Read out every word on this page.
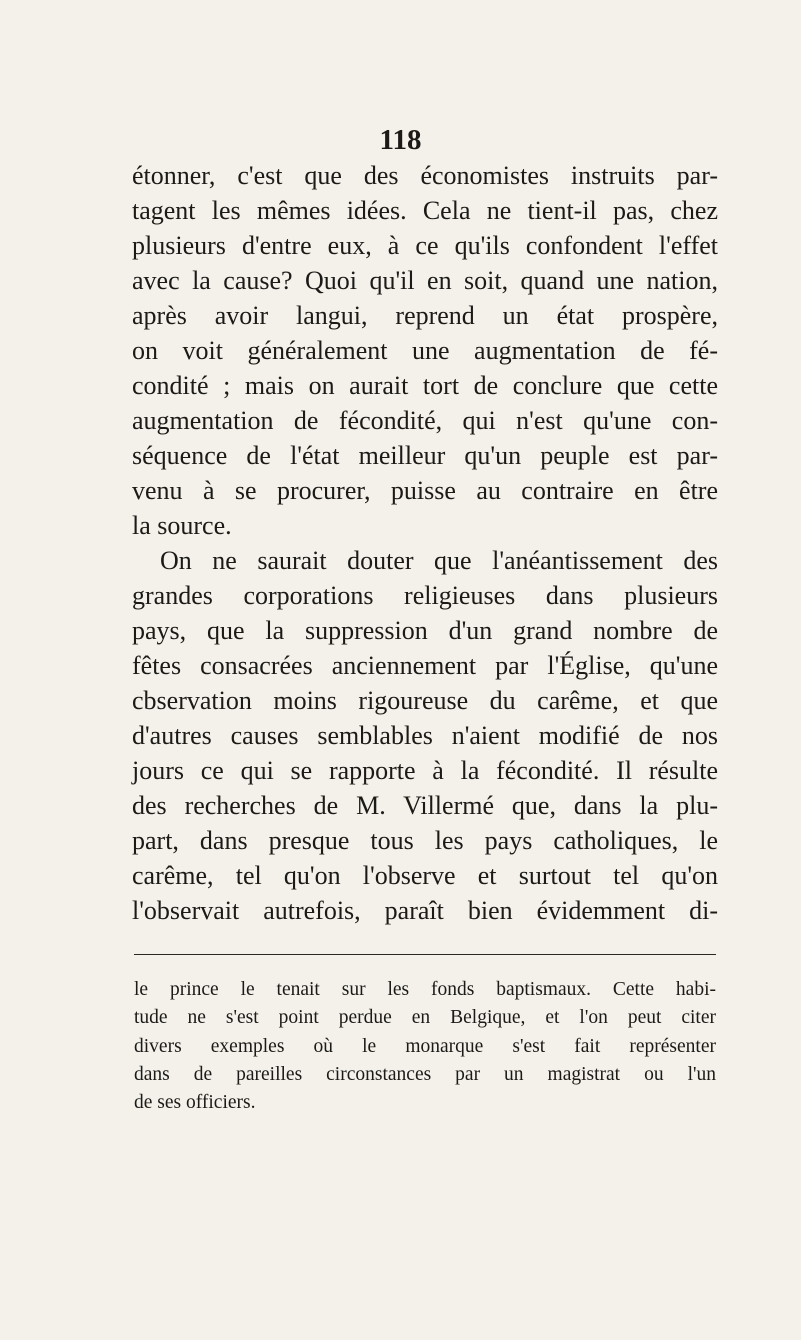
118
étonner, c'est que des économistes instruits par-
tagent les mêmes idées. Cela ne tient-il pas, chez
plusieurs d'entre eux, à ce qu'ils confondent l'effet
avec la cause? Quoi qu'il en soit, quand une nation,
après avoir langui, reprend un état prospère,
on voit généralement une augmentation de fé-
condité ; mais on aurait tort de conclure que cette
augmentation de fécondité, qui n'est qu'une con-
séquence de l'état meilleur qu'un peuple est par-
venu à se procurer, puisse au contraire en être
la source.
On ne saurait douter que l'anéantissement des
grandes corporations religieuses dans plusieurs
pays, que la suppression d'un grand nombre de
fêtes consacrées anciennement par l'Église, qu'une
cbservation moins rigoureuse du carême, et que
d'autres causes semblables n'aient modifié de nos
jours ce qui se rapporte à la fécondité. Il résulte
des recherches de M. Villermé que, dans la plu-
part, dans presque tous les pays catholiques, le
carême, tel qu'on l'observe et surtout tel qu'on
l'observait autrefois, paraît bien évidemment di-
le prince le tenait sur les fonds baptismaux. Cette habi-
tude ne s'est point perdue en Belgique, et l'on peut citer
divers exemples où le monarque s'est fait représenter
dans de pareilles circonstances par un magistrat ou l'un
de ses officiers.
